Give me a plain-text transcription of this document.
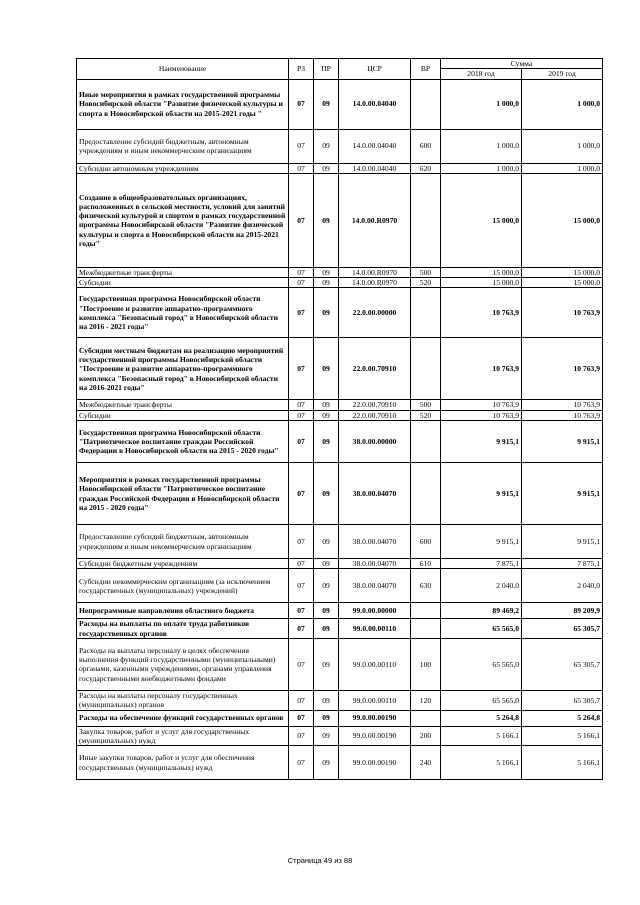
Наименование	РЗ	ПР	ЦСР	ВР	Сумма	
					2018 год	2019 год
Иные мероприятия в рамках государственной программы Новосибирской области "Развитие физической культуры и спорта в Новосибирской области на 2015-2021 годы "	07	09	14.0.00.04040		1 000,0	1 000,0
Предоставление субсидий бюджетным, автономным учреждениям и иным некоммерческим организациям	07	09	14.0.00.04040	600	1 000,0	1 000,0
Субсидии автономным учреждениям	07	09	14.0.00.04040	620	1 000,0	1 000,0
Создание в общеобразовательных организациях, расположенных в сельской местности, условий для занятий физической культурой и спортом в рамках государственной программы Новосибирской области "Развитие физической культуры и спорта в Новосибирской области на 2015-2021 годы"	07	09	14.0.00.R0970		15 000,0	15 000,0
Межбюджетные трансферты	07	09	14.0.00.R0970	500	15 000,0	15 000,0
Субсидии	07	09	14.0.00.R0970	520	15 000,0	15 000,0
Государственная программа Новосибирской области "Построение и развитие аппаратно-программного комплекса "Безопасный город" в Новосибирской области на 2016 - 2021 годы"	07	09	22.0.00.00000		10 763,9	10 763,9
Субсидии местным бюджетам на реализацию мероприятий государственной программы Новосибирской области "Построение и развитие аппаратно-программного комплекса "Безопасный город" в Новосибирской области на 2016-2021 годы"	07	09	22.0.00.70910		10 763,9	10 763,9
Межбюджетные трансферты	07	09	22.0.00.70910	500	10 763,9	10 763,9
Субсидии	07	09	22.0.00.70910	520	10 763,9	10 763,9
Государственная программа Новосибирской области "Патриотическое воспитание граждан Российской Федерации в Новосибирской области на 2015 - 2020 годы"	07	09	38.0.00.00000		9 915,1	9 915,1
Мероприятия в рамках государственной программы Новосибирской области "Патриотическое воспитание граждан Российской Федерации в Новосибирской области на 2015 - 2020 годы"	07	09	38.0.00.04070		9 915,1	9 915,1
Предоставление субсидий бюджетным, автономным учреждениям и иным некоммерческим организациям	07	09	38.0.00.04070	600	9 915,1	9 915,1
Субсидии бюджетным учреждениям	07	09	38.0.00.04070	610	7 875,1	7 875,1
Субсидии некоммерческим организациям (за исключением государственных (муниципальных) учреждений)	07	09	38.0.00.04070	630	2 040,0	2 040,0
Непрограммные направления областного бюджета	07	09	99.0.00.00000		89 469,2	89 209,9
Расходы на выплаты по оплате труда работников государственных органов	07	09	99.0.00.00110		65 565,0	65 305,7
Расходы на выплаты персоналу в целях обеспечения выполнения функций государственными (муниципальными) органами, казенными учреждениями, органами управления государственными внебюджетными фондами	07	09	99.0.00.00110	100	65 565,0	65 305,7
Расходы на выплаты персоналу государственных (муниципальных) органов	07	09	99.0.00.00110	120	65 565,0	65 305,7
Расходы на обеспечение функций государственных органов	07	09	99.0.00.00190		5 264,8	5 264,8
Закупка товаров, работ и услуг для государственных (муниципальных) нужд	07	09	99.0.00.00190	200	5 166,1	5 166,1
Иные закупки товаров, работ и услуг для обеспечения государственных (муниципальных) нужд	07	09	99.0.00.00190	240	5 166,1	5 166,1
Страница 49 из 88
